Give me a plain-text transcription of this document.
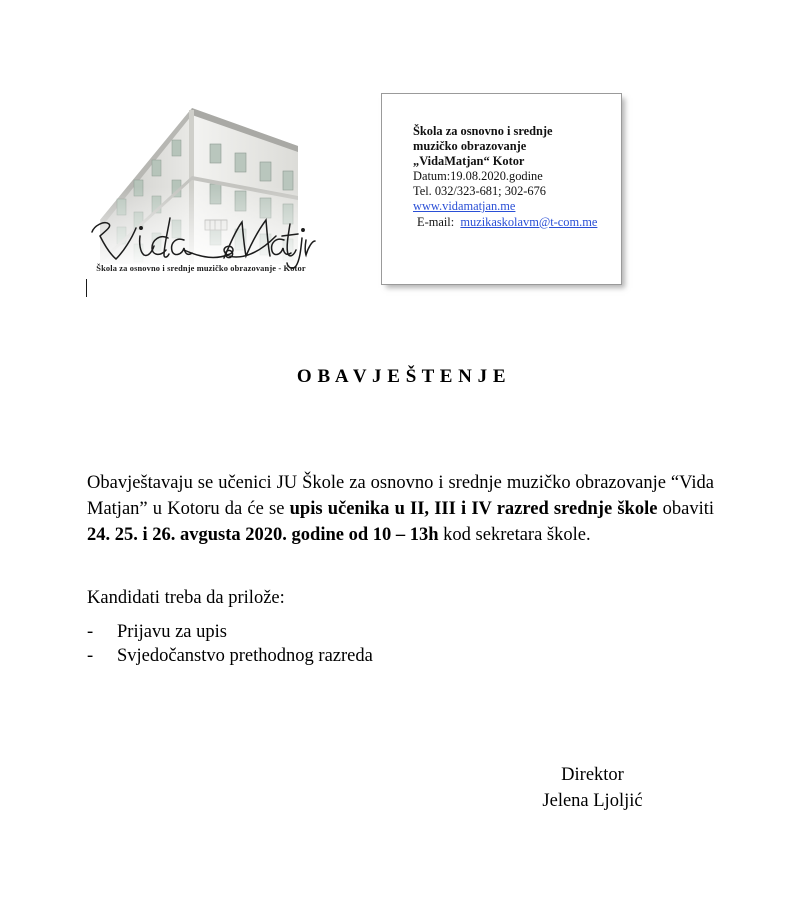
Škola za osnovno i srednje muzičko obrazovanje - Kotor
Škola za osnovno i srednje
muzičko obrazovanje
„VidaMatjan“ Kotor
Datum:19.08.2020.godine
Tel. 032/323-681; 302-676
www.vidamatjan.me
E-mail: muzikaskolavm@t-com.me
O B A V J E Š T E N J E
Obavještavaju se učenici JU Škole za osnovno i srednje muzičko obrazovanje “Vida Matjan” u Kotoru da će se upis učenika u II, III i IV razred srednje škole obaviti 24. 25. i 26. avgusta 2020. godine od 10 – 13h kod sekretara škole.
Kandidati treba da prilože:
-	Prijavu za upis
-	Svjedočanstvo prethodnog razreda
Direktor
Jelena Ljoljić
